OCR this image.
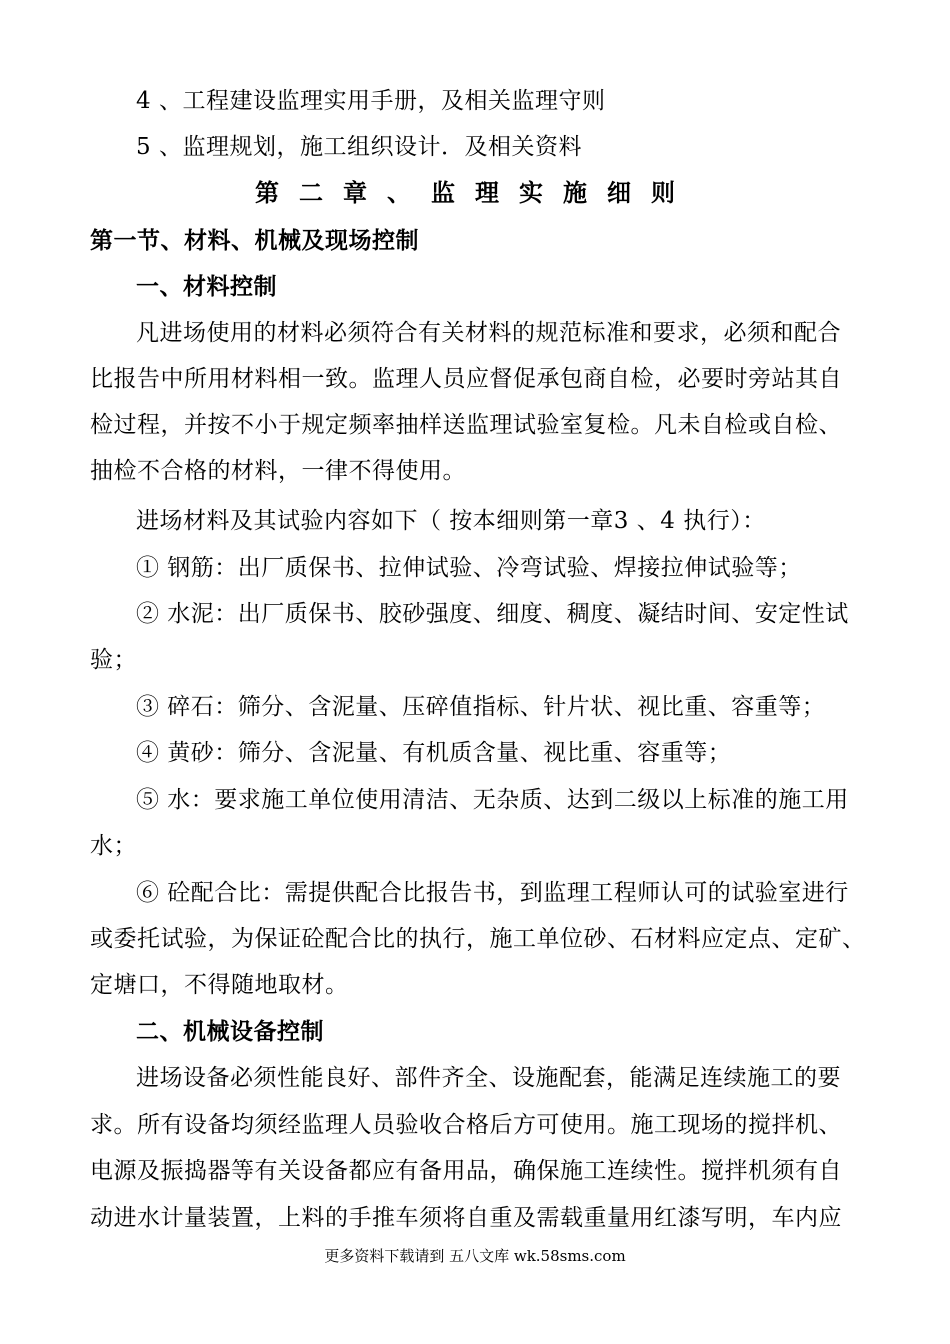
4 、工程建设监理实用手册，及相关监理守则
5 、监理规划，施工组织设计．及相关资料
第二章、监理实施细则
第一节、材料、机械及现场控制
一、材料控制
凡进场使用的材料必须符合有关材料的规范标准和要求，必须和配合
比报告中所用材料相一致。监理人员应督促承包商自检，必要时旁站其自
检过程，并按不小于规定频率抽样送监理试验室复检。凡未自检或自检、
抽检不合格的材料，一律不得使用。
进场材料及其试验内容如下（ 按本细则第一章3 、4 执行）：
① 钢筋：出厂质保书、拉伸试验、冷弯试验、焊接拉伸试验等；
② 水泥：出厂质保书、胶砂强度、细度、稠度、凝结时间、安定性试
验；
③ 碎石：筛分、含泥量、压碎值指标、针片状、视比重、容重等；
④ 黄砂：筛分、含泥量、有机质含量、视比重、容重等；
⑤ 水：要求施工单位使用清洁、无杂质、达到二级以上标准的施工用
水；
⑥ 砼配合比：需提供配合比报告书，到监理工程师认可的试验室进行
或委托试验，为保证砼配合比的执行，施工单位砂、石材料应定点、定矿、
定塘口，不得随地取材。
二、机械设备控制
进场设备必须性能良好、部件齐全、设施配套，能满足连续施工的要
求。所有设备均须经监理人员验收合格后方可使用。施工现场的搅拌机、
电源及振捣器等有关设备都应有备用品，确保施工连续性。搅拌机须有自
动进水计量装置，上料的手推车须将自重及需载重量用红漆写明，车内应
更多资料下载请到 五八文库 wk.58sms.com
